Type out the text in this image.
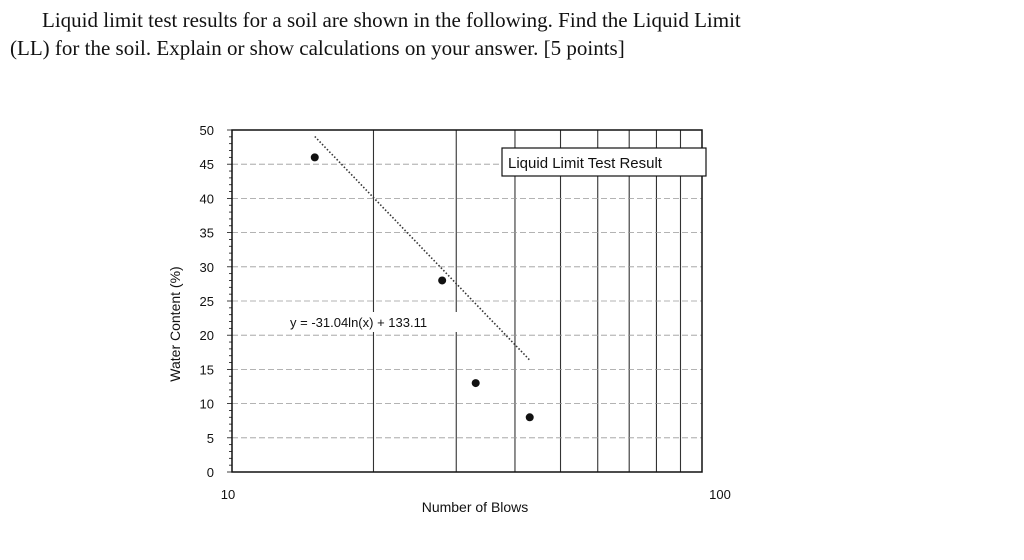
Liquid limit test results for a soil are shown in the following. Find the Liquid Limit
(LL) for the soil. Explain or show calculations on your answer. [5 points]
0
5
10
15
20
25
30
35
40
45
50
10	100
Liquid Limit Test Result
y = -31.04ln(x) + 133.11
Number of Blows
Water Content (%)
